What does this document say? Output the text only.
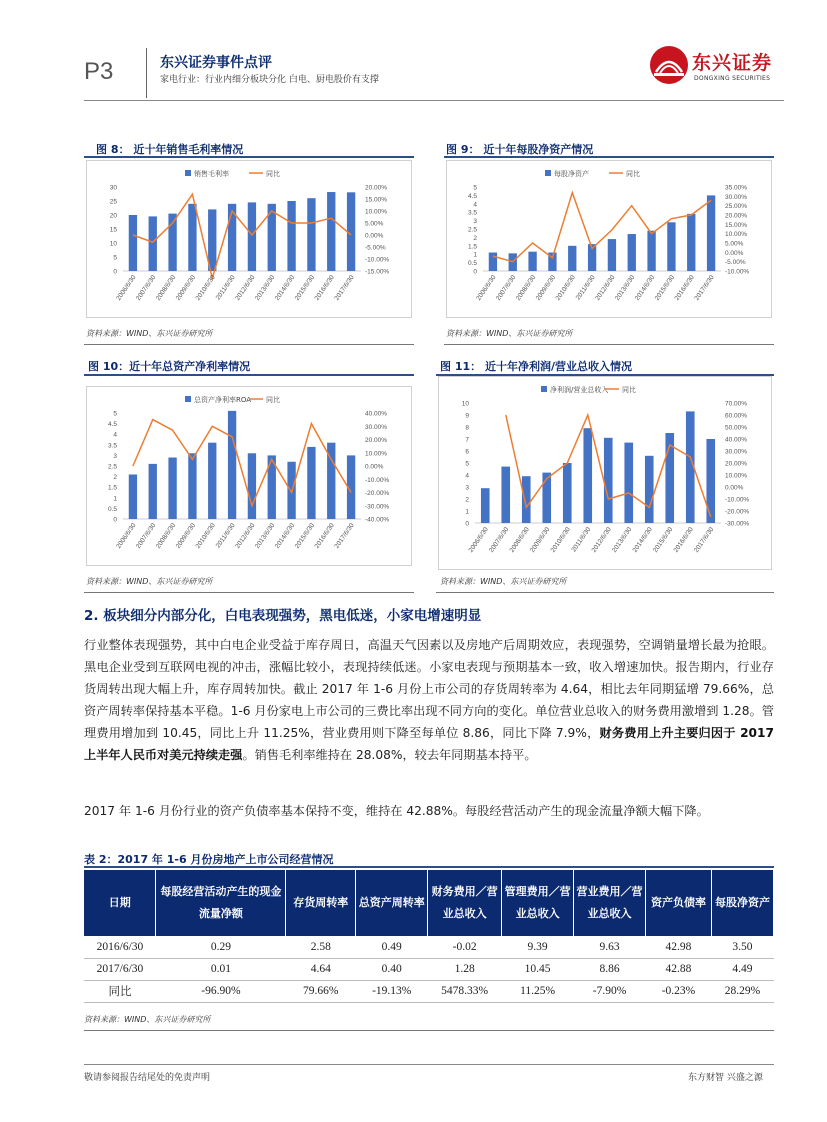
P3	东兴证券事件点评
家电行业：行业内细分板块分化 白电、厨电股价有支撑
东兴证券
DONGXING SECURITIES
图 8： 近十年销售毛利率情况
销售毛利率	同比
0
5
10
15
20
25
30	20.00%
15.00%
10.00%
5.00%
0.00%
-5.00%
-10.00%
-15.00%
2006/6/30
2007/6/30
2008/6/30
2009/6/30
2010/6/30
2011/6/30
2012/6/30
2013/6/30
2014/6/30
2015/6/30
2016/6/30
2017/6/30
资料来源：WIND、东兴证券研究所
图 9： 近十年每股净资产情况
每股净资产	同比
0
0.5
1
1.5
2
2.5
3
3.5
4
4.5
5	35.00%
30.00%
25.00%
20.00%
15.00%
10.00%
5.00%
0.00%
-5.00%
-10.00%
2006/6/30
2007/6/30
2008/6/30
2009/6/30
2010/6/30
2011/6/30
2012/6/30
2013/6/30
2014/6/30
2015/6/30
2016/6/30
2017/6/30
资料来源：WIND、东兴证券研究所
图 10：近十年总资产净利率情况
总资产净利率ROA 同比
0
0.5
1
1.5
2
2.5
3
3.5
4
4.5
5	40.00%
30.00%
20.00%
10.00%
0.00%
-10.00%
-20.00%
-30.00%
-40.00%
2006/6/30
2007/6/30
2008/6/30
2009/6/30
2010/6/30
2011/6/30
2012/6/30
2013/6/30
2014/6/30
2015/6/30
2016/6/30
2017/6/30
资料来源：WIND、东兴证券研究所
图 11： 近十年净利润/营业总收入情况
净利润/营业总收入 同比
0
1
2
3
4
5
6
7
8
9
10	70.00%
60.00%
50.00%
40.00%
30.00%
20.00%
10.00%
0.00%
-10.00%
-20.00%
-30.00%
2006/6/30
2007/6/30
2008/6/30
2009/6/30
2010/6/30
2011/6/30
2012/6/30
2013/6/30
2014/6/30
2015/6/30
2016/6/30
2017/6/30
资料来源：WIND、东兴证券研究所
2. 板块细分内部分化，白电表现强势，黑电低迷，小家电增速明显
行业整体表现强势，其中白电企业受益于库存周日，高温天气因素以及房地产后周期效应，表现强势，空调销量增长最为抢眼。黑电企业受到互联网电视的冲击，涨幅比较小，表现持续低迷。小家电表现与预期基本一致，收入增速加快。报告期内，行业存货周转出现大幅上升，库存周转加快。截止 2017 年 1-6 月份上市公司的存货周转率为 4.64，相比去年同期猛增 79.66%，总资产周转率保持基本平稳。1-6 月份家电上市公司的三费比率出现不同方向的变化。单位营业总收入的财务费用激增到 1.28。管理费用增加到 10.45，同比上升 11.25%，营业费用则下降至每单位 8.86，同比下降 7.9%，财务费用上升主要归因于 2017 上半年人民币对美元持续走强。销售毛利率维持在 28.08%，较去年同期基本持平。
2017 年 1-6 月份行业的资产负债率基本保持不变，维持在 42.88%。每股经营活动产生的现金流量净额大幅下降。
表 2：2017 年 1-6 月份房地产上市公司经营情况
日期	每股经营活动产生的现金流量净额	存货周转率	总资产周转率	财务费用／营业总收入	管理费用／营业总收入	营业费用／营业总收入	资产负债率	每股净资产
2016/6/30	0.29	2.58	0.49	-0.02	9.39	9.63	42.98	3.50
2017/6/30	0.01	4.64	0.40	1.28	10.45	8.86	42.88	4.49
同比	-96.90%	79.66%	-19.13%	5478.33%	11.25%	-7.90%	-0.23%	28.29%
资料来源：WIND、东兴证券研究所
敬请参阅报告结尾处的免责声明	东方财智 兴盛之源
